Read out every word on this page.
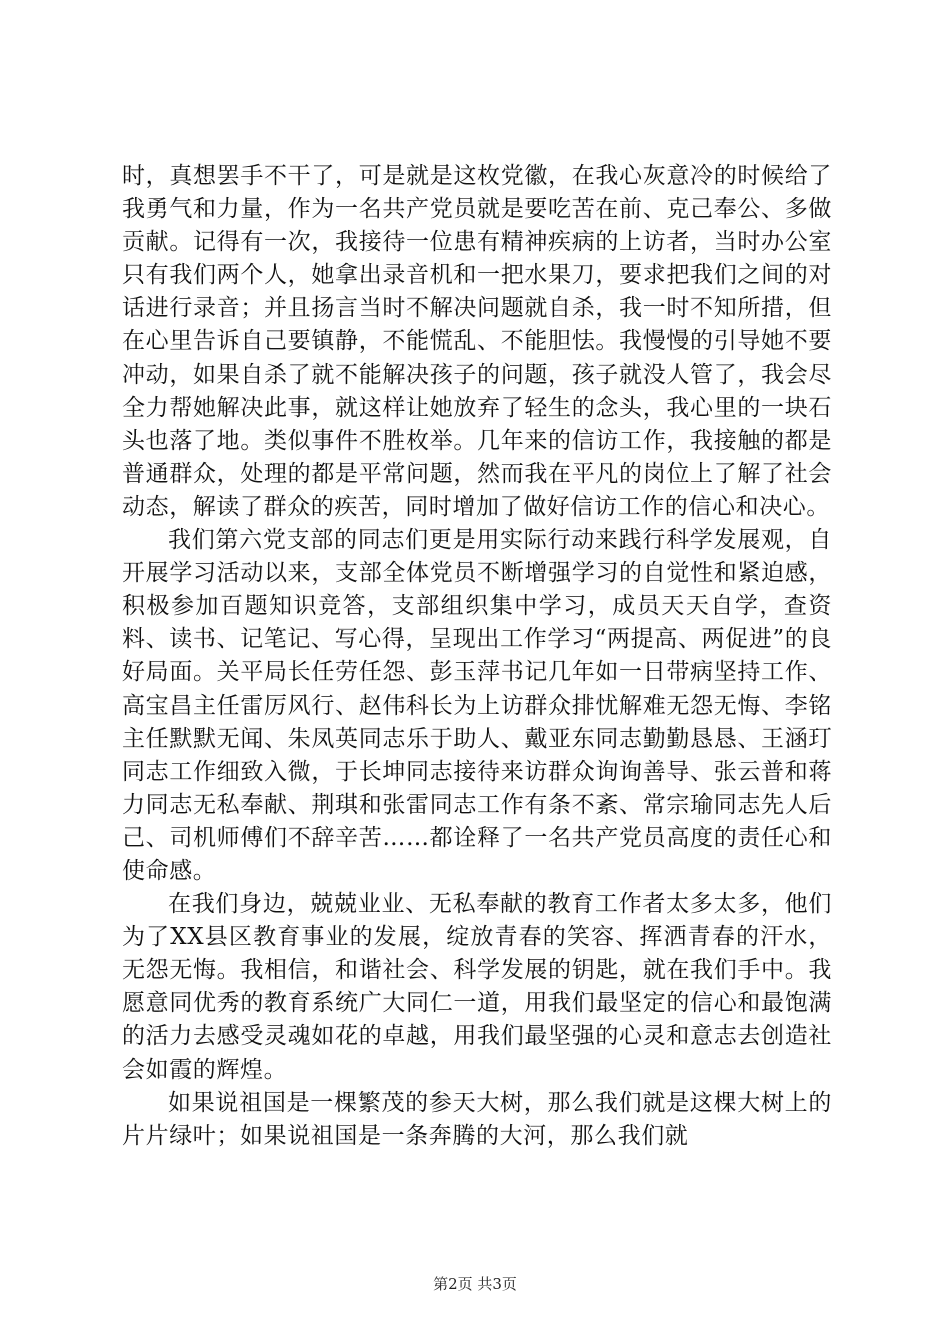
时，真想罢手不干了，可是就是这枚党徽，在我心灰意冷的时候给了我勇气和力量，作为一名共产党员就是要吃苦在前、克己奉公、多做贡献。记得有一次，我接待一位患有精神疾病的上访者，当时办公室只有我们两个人，她拿出录音机和一把水果刀，要求把我们之间的对话进行录音；并且扬言当时不解决问题就自杀，我一时不知所措，但在心里告诉自己要镇静，不能慌乱、不能胆怯。我慢慢的引导她不要冲动，如果自杀了就不能解决孩子的问题，孩子就没人管了，我会尽全力帮她解决此事，就这样让她放弃了轻生的念头，我心里的一块石头也落了地。类似事件不胜枚举。几年来的信访工作，我接触的都是普通群众，处理的都是平常问题，然而我在平凡的岗位上了解了社会动态，解读了群众的疾苦，同时增加了做好信访工作的信心和决心。

我们第六党支部的同志们更是用实际行动来践行科学发展观，自开展学习活动以来，支部全体党员不断增强学习的自觉性和紧迫感，积极参加百题知识竞答，支部组织集中学习，成员天天自学，查资料、读书、记笔记、写心得，呈现出工作学习“两提高、两促进”的良好局面。关平局长任劳任怨、彭玉萍书记几年如一日带病坚持工作、高宝昌主任雷厉风行、赵伟科长为上访群众排忧解难无怨无悔、李铭主任默默无闻、朱凤英同志乐于助人、戴亚东同志勤勤恳恳、王涵玎同志工作细致入微，于长坤同志接待来访群众询询善导、张云普和蒋力同志无私奉献、荆琪和张雷同志工作有条不紊、常宗瑜同志先人后己、司机师傅们不辞辛苦……都诠释了一名共产党员高度的责任心和使命感。

在我们身边，兢兢业业、无私奉献的教育工作者太多太多，他们为了XX县区教育事业的发展，绽放青春的笑容、挥洒青春的汗水，无怨无悔。我相信，和谐社会、科学发展的钥匙，就在我们手中。我愿意同优秀的教育系统广大同仁一道，用我们最坚定的信心和最饱满的活力去感受灵魂如花的卓越，用我们最坚强的心灵和意志去创造社会如霞的辉煌。

如果说祖国是一棵繁茂的参天大树，那么我们就是这棵大树上的片片绿叶；如果说祖国是一条奔腾的大河，那么我们就

第2页 共3页
